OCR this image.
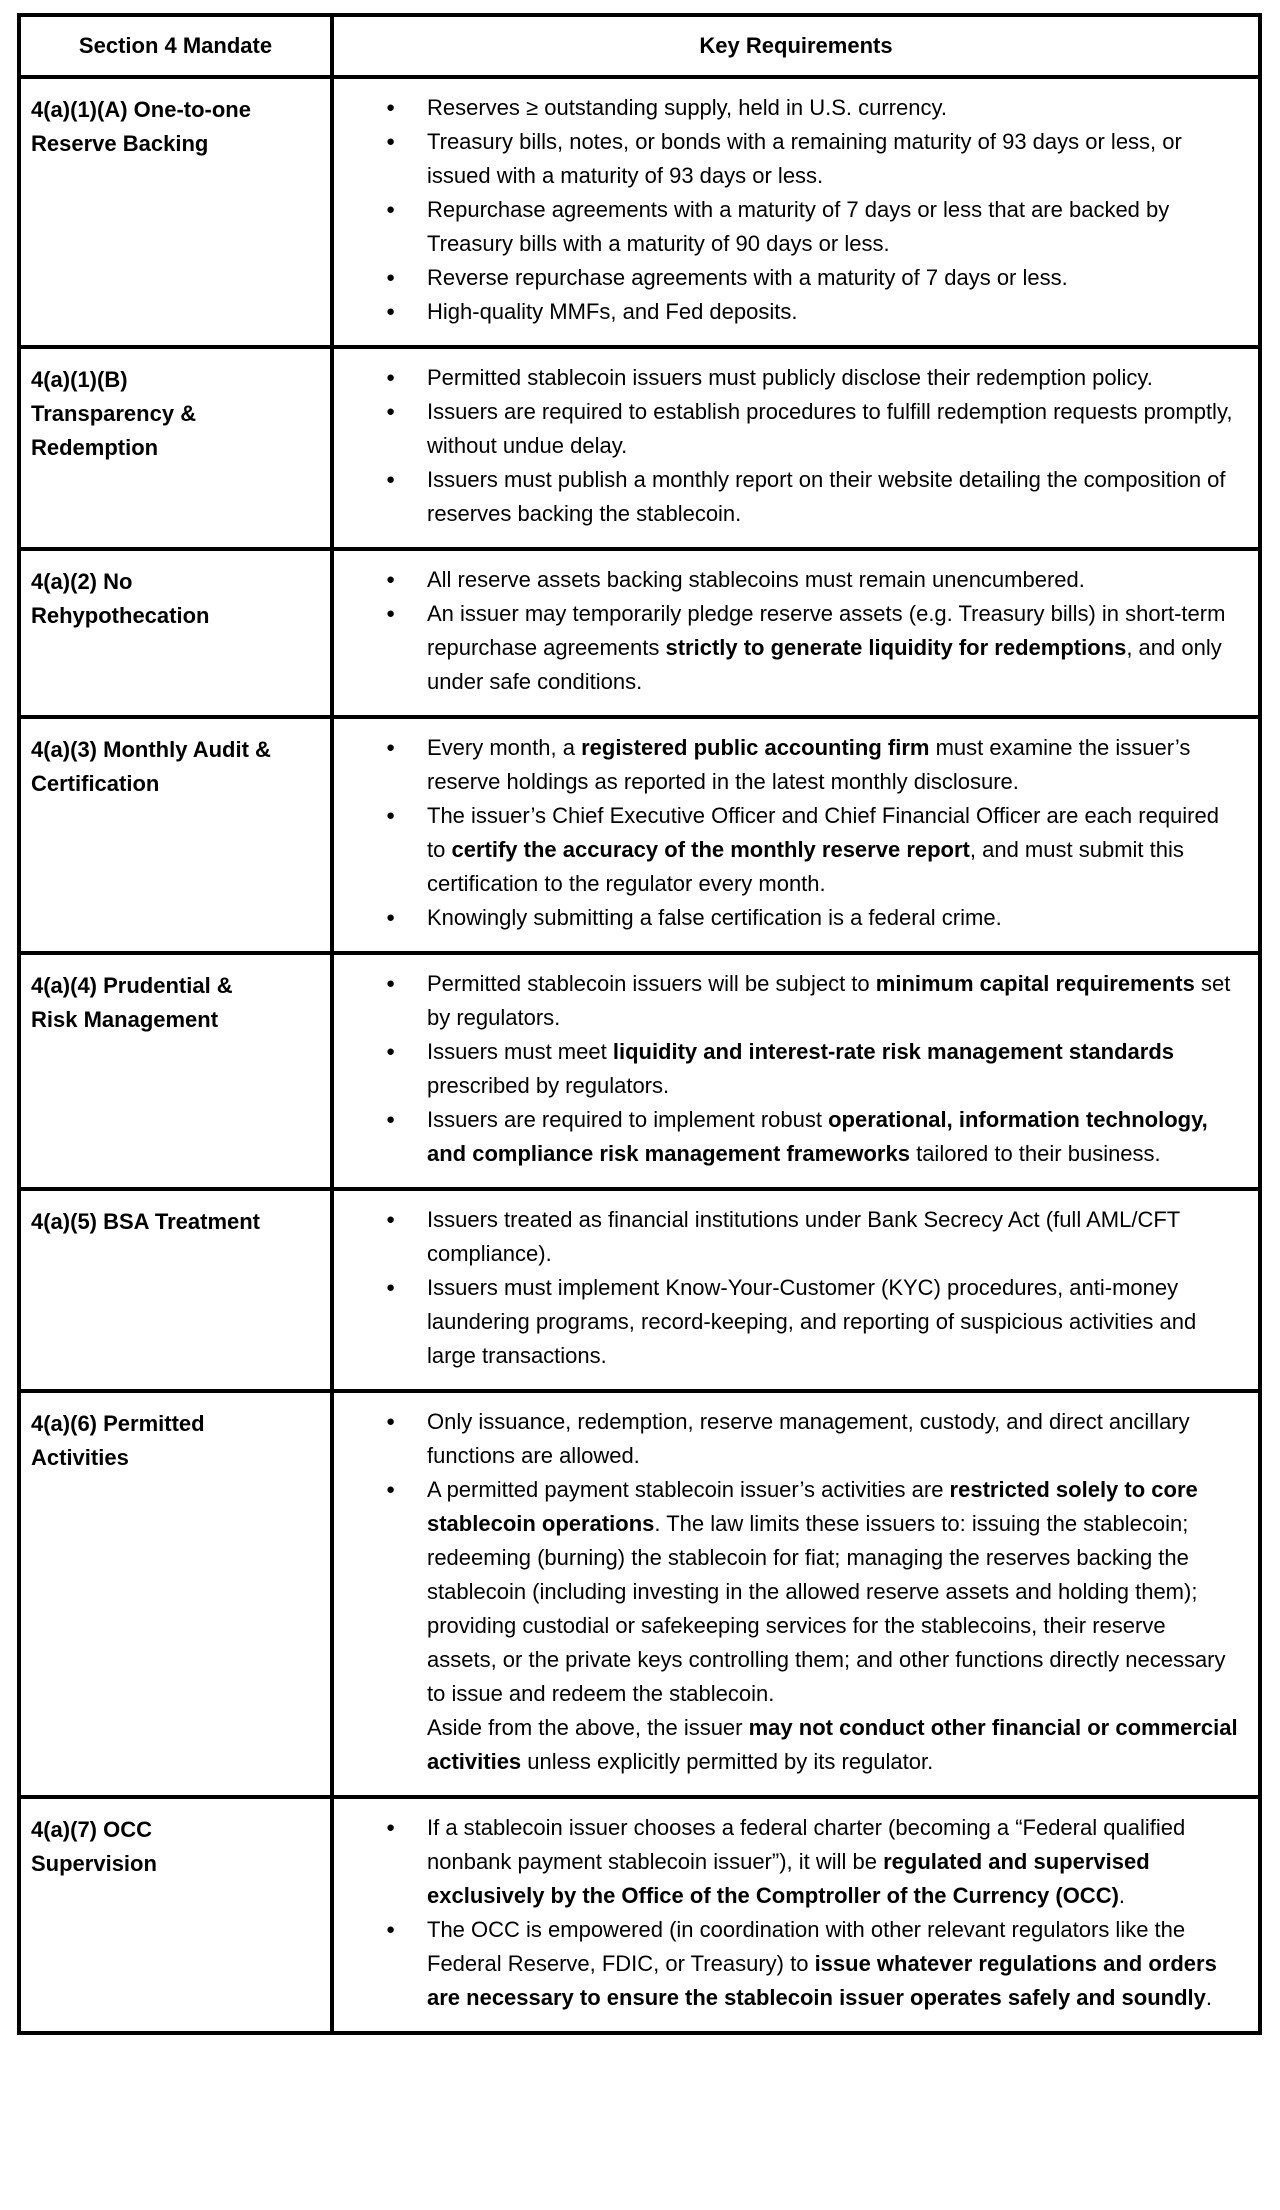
Section 4 Mandate	Key Requirements
4(a)(1)(A) One-to-one
Reserve Backing	
●	Reserves ≥ outstanding supply, held in U.S. currency.
●	Treasury bills, notes, or bonds with a remaining maturity of 93 days or less, or issued with a maturity of 93 days or less.
●	Repurchase agreements with a maturity of 7 days or less that are backed by Treasury bills with a maturity of 90 days or less.
●	Reverse repurchase agreements with a maturity of 7 days or less.
●	High-quality MMFs, and Fed deposits.

4(a)(1)(B)
Transparency &
Redemption	
●	Permitted stablecoin issuers must publicly disclose their redemption policy.
●	Issuers are required to establish procedures to fulfill redemption requests promptly, without undue delay.
●	Issuers must publish a monthly report on their website detailing the composition of reserves backing the stablecoin.

4(a)(2) No
Rehypothecation	
●	All reserve assets backing stablecoins must remain unencumbered.
●	An issuer may temporarily pledge reserve assets (e.g. Treasury bills) in short-term repurchase agreements strictly to generate liquidity for redemptions, and only under safe conditions.

4(a)(3) Monthly Audit &
Certification	
●	Every month, a registered public accounting firm must examine the issuer’s reserve holdings as reported in the latest monthly disclosure.
●	The issuer’s Chief Executive Officer and Chief Financial Officer are each required to certify the accuracy of the monthly reserve report, and must submit this certification to the regulator every month.
●	Knowingly submitting a false certification is a federal crime.

4(a)(4) Prudential &
Risk Management	
●	Permitted stablecoin issuers will be subject to minimum capital requirements set by regulators.
●	Issuers must meet liquidity and interest-rate risk management standards prescribed by regulators.
●	Issuers are required to implement robust operational, information technology, and compliance risk management frameworks tailored to their business.

4(a)(5) BSA Treatment	● Issuers treated as financial institutions under Bank Secrecy Act (full AML/CFT compliance).
● Issuers must implement Know-Your-Customer (KYC) procedures, anti-money laundering programs, record-keeping, and reporting of suspicious activities and large transactions.

4(a)(6) Permitted
Activities	
●	Only issuance, redemption, reserve management, custody, and direct ancillary functions are allowed.
●	A permitted payment stablecoin issuer’s activities are restricted solely to core stablecoin operations. The law limits these issuers to: issuing the stablecoin; redeeming (burning) the stablecoin for fiat; managing the reserves backing the stablecoin (including investing in the allowed reserve assets and holding them); providing custodial or safekeeping services for the stablecoins, their reserve assets, or the private keys controlling them; and other functions directly necessary to issue and redeem the stablecoin.
Aside from the above, the issuer may not conduct other financial or commercial activities unless explicitly permitted by its regulator.

4(a)(7) OCC
Supervision	
●	If a stablecoin issuer chooses a federal charter (becoming a “Federal qualified nonbank payment stablecoin issuer”), it will be regulated and supervised exclusively by the Office of the Comptroller of the Currency (OCC).
●	The OCC is empowered (in coordination with other relevant regulators like the Federal Reserve, FDIC, or Treasury) to issue whatever regulations and orders are necessary to ensure the stablecoin issuer operates safely and soundly.
